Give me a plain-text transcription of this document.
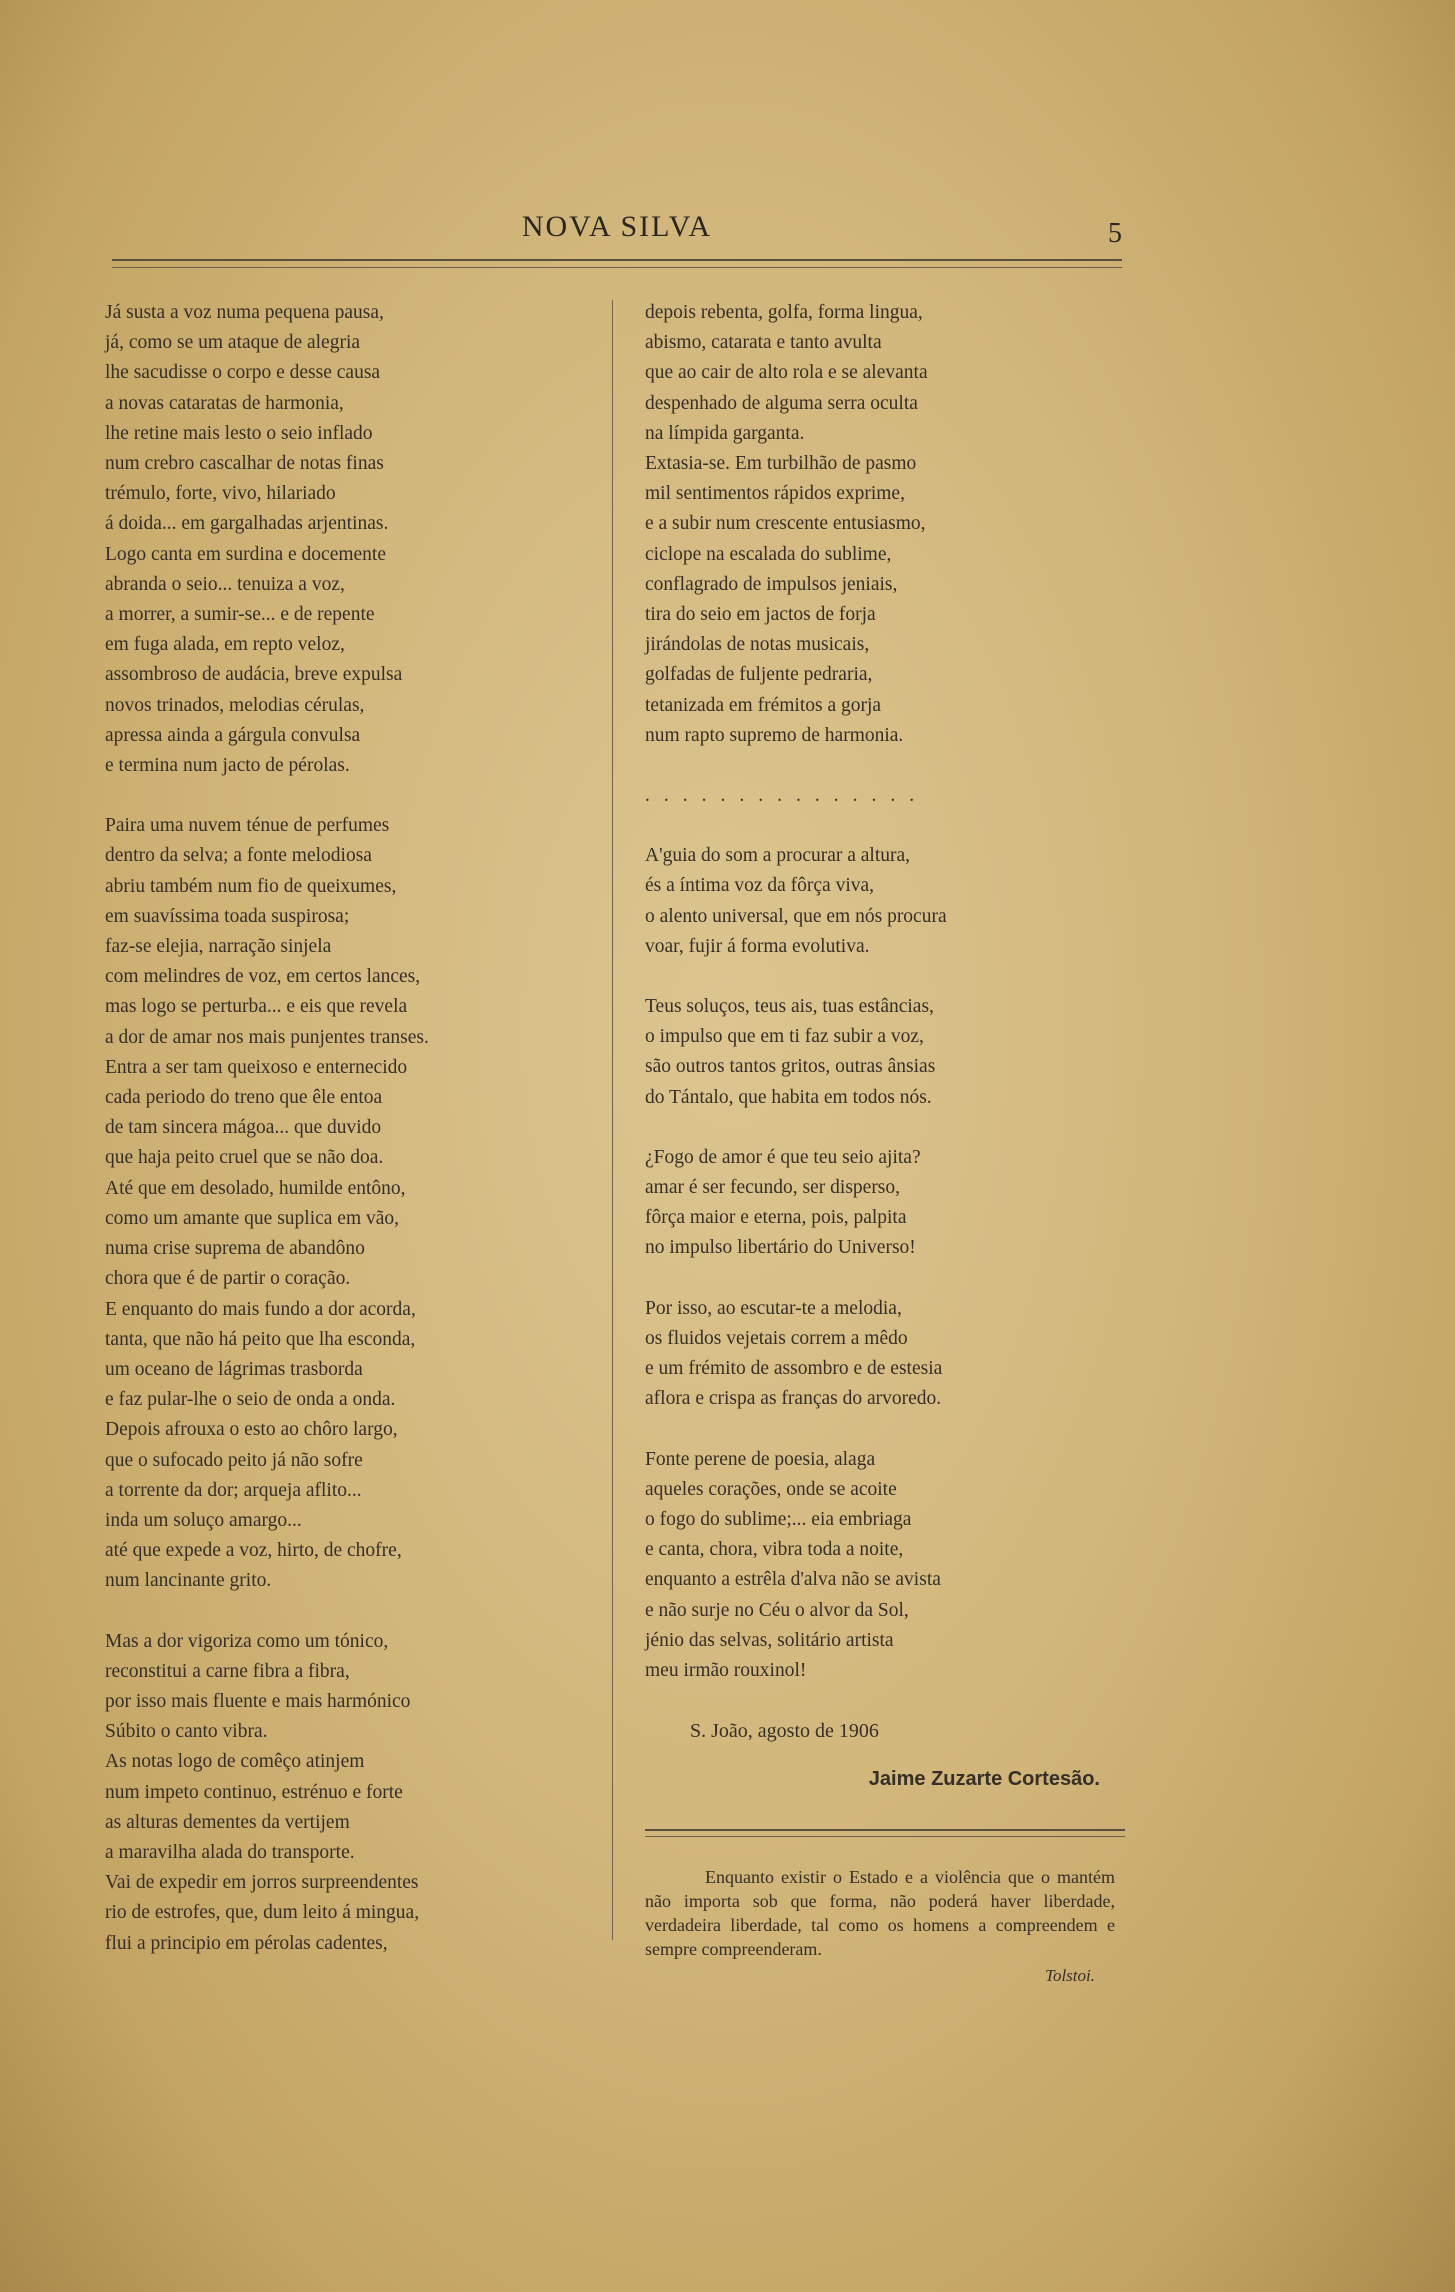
NOVA SILVA	5
Já susta a voz numa pequena pausa,
já, como se um ataque de alegria
lhe sacudisse o corpo e desse causa
a novas cataratas de harmonia,
lhe retine mais lesto o seio inflado
num crebro cascalhar de notas finas
trémulo, forte, vivo, hilariado
á doida... em gargalhadas arjentinas.
Logo canta em surdina e docemente
abranda o seio... tenuiza a voz,
a morrer, a sumir-se... e de repente
em fuga alada, em repto veloz,
assombroso de audácia, breve expulsa
novos trinados, melodias cérulas,
apressa ainda a gárgula convulsa
e termina num jacto de pérolas.
Paira uma nuvem ténue de perfumes
dentro da selva; a fonte melodiosa
abriu também num fio de queixumes,
em suavíssima toada suspirosa;
faz-se elejia, narração sinjela
com melindres de voz, em certos lances,
mas logo se perturba... e eis que revela
a dor de amar nos mais punjentes transes.
Entra a ser tam queixoso e enternecido
cada periodo do treno que êle entoa
de tam sincera mágoa... que duvido
que haja peito cruel que se não doa.
Até que em desolado, humilde entôno,
como um amante que suplica em vão,
numa crise suprema de abandôno
chora que é de partir o coração.
E enquanto do mais fundo a dor acorda,
tanta, que não há peito que lha esconda,
um oceano de lágrimas trasborda
e faz pular-lhe o seio de onda a onda.
Depois afrouxa o esto ao chôro largo,
que o sufocado peito já não sofre
a torrente da dor; arqueja aflito...
inda um soluço amargo...
até que expede a voz, hirto, de chofre,
num lancinante grito.
Mas a dor vigoriza como um tónico,
reconstitui a carne fibra a fibra,
por isso mais fluente e mais harmónico
Súbito o canto vibra.
As notas logo de comêço atinjem
num impeto continuo, estrénuo e forte
as alturas dementes da vertijem
a maravilha alada do transporte.
Vai de expedir em jorros surpreendentes
rio de estrofes, que, dum leito á mingua,
flui a principio em pérolas cadentes,
depois rebenta, golfa, forma lingua,
abismo, catarata e tanto avulta
que ao cair de alto rola e se alevanta
despenhado de alguma serra oculta
na límpida garganta.
Extasia-se. Em turbilhão de pasmo
mil sentimentos rápidos exprime,
e a subir num crescente entusiasmo,
ciclope na escalada do sublime,
conflagrado de impulsos jeniais,
tira do seio em jactos de forja
jirándolas de notas musicais,
golfadas de fuljente pedraria,
tetanizada em frémitos a gorja
num rapto supremo de harmonia.
...............
A'guia do som a procurar a altura,
és a íntima voz da fôrça viva,
o alento universal, que em nós procura
voar, fujir á forma evolutiva.
Teus soluços, teus ais, tuas estâncias,
o impulso que em ti faz subir a voz,
são outros tantos gritos, outras ânsias
do Tántalo, que habita em todos nós.
¿Fogo de amor é que teu seio ajita?
amar é ser fecundo, ser disperso,
fôrça maior e eterna, pois, palpita
no impulso libertário do Universo!
Por isso, ao escutar-te a melodia,
os fluidos vejetais correm a mêdo
e um frémito de assombro e de estesia
aflora e crispa as franças do arvoredo.
Fonte perene de poesia, alaga
aqueles corações, onde se acoite
o fogo do sublime;... eia embriaga
e canta, chora, vibra toda a noite,
enquanto a estrêla d'alva não se avista
e não surje no Céu o alvor da Sol,
jénio das selvas, solitário artista
meu irmão rouxinol!
S. João, agosto de 1906
Jaime Zuzarte Cortesão.
Enquanto existir o Estado e a violência que o mantém não importa sob que forma, não poderá haver liberdade, verdadeira liberdade, tal como os homens a compreendem e sempre compreenderam.
Tolstoi.
